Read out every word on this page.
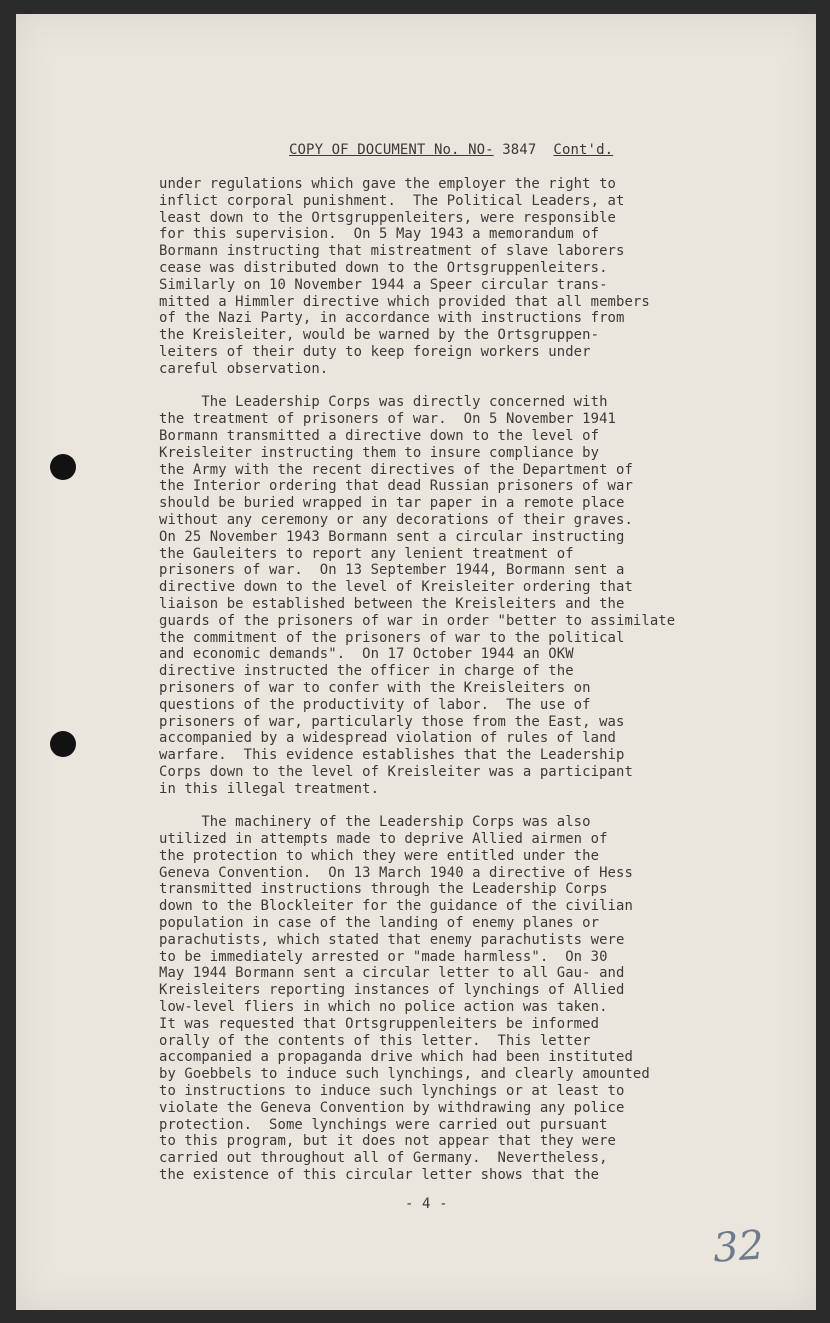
COPY OF DOCUMENT No. NO- 3847 Cont'd.
under regulations which gave the employer the right to
inflict corporal punishment.  The Political Leaders, at
least down to the Ortsgruppenleiters, were responsible
for this supervision.  On 5 May 1943 a memorandum of
Bormann instructing that mistreatment of slave laborers
cease was distributed down to the Ortsgruppenleiters.
Similarly on 10 November 1944 a Speer circular trans-
mitted a Himmler directive which provided that all members
of the Nazi Party, in accordance with instructions from
the Kreisleiter, would be warned by the Ortsgruppen-
leiters of their duty to keep foreign workers under
careful observation.
The Leadership Corps was directly concerned with
the treatment of prisoners of war.  On 5 November 1941
Bormann transmitted a directive down to the level of
Kreisleiter instructing them to insure compliance by
the Army with the recent directives of the Department of
the Interior ordering that dead Russian prisoners of war
should be buried wrapped in tar paper in a remote place
without any ceremony or any decorations of their graves.
On 25 November 1943 Bormann sent a circular instructing
the Gauleiters to report any lenient treatment of
prisoners of war.  On 13 September 1944, Bormann sent a
directive down to the level of Kreisleiter ordering that
liaison be established between the Kreisleiters and the
guards of the prisoners of war in order "better to assimilate
the commitment of the prisoners of war to the political
and economic demands".  On 17 October 1944 an OKW
directive instructed the officer in charge of the
prisoners of war to confer with the Kreisleiters on
questions of the productivity of labor.  The use of
prisoners of war, particularly those from the East, was
accompanied by a widespread violation of rules of land
warfare.  This evidence establishes that the Leadership
Corps down to the level of Kreisleiter was a participant
in this illegal treatment.
The machinery of the Leadership Corps was also
utilized in attempts made to deprive Allied airmen of
the protection to which they were entitled under the
Geneva Convention.  On 13 March 1940 a directive of Hess
transmitted instructions through the Leadership Corps
down to the Blockleiter for the guidance of the civilian
population in case of the landing of enemy planes or
parachutists, which stated that enemy parachutists were
to be immediately arrested or "made harmless".  On 30
May 1944 Bormann sent a circular letter to all Gau- and
Kreisleiters reporting instances of lynchings of Allied
low-level fliers in which no police action was taken.
It was requested that Ortsgruppenleiters be informed
orally of the contents of this letter.  This letter
accompanied a propaganda drive which had been instituted
by Goebbels to induce such lynchings, and clearly amounted
to instructions to induce such lynchings or at least to
violate the Geneva Convention by withdrawing any police
protection.  Some lynchings were carried out pursuant
to this program, but it does not appear that they were
carried out throughout all of Germany.  Nevertheless,
the existence of this circular letter shows that the
- 4 -
32
